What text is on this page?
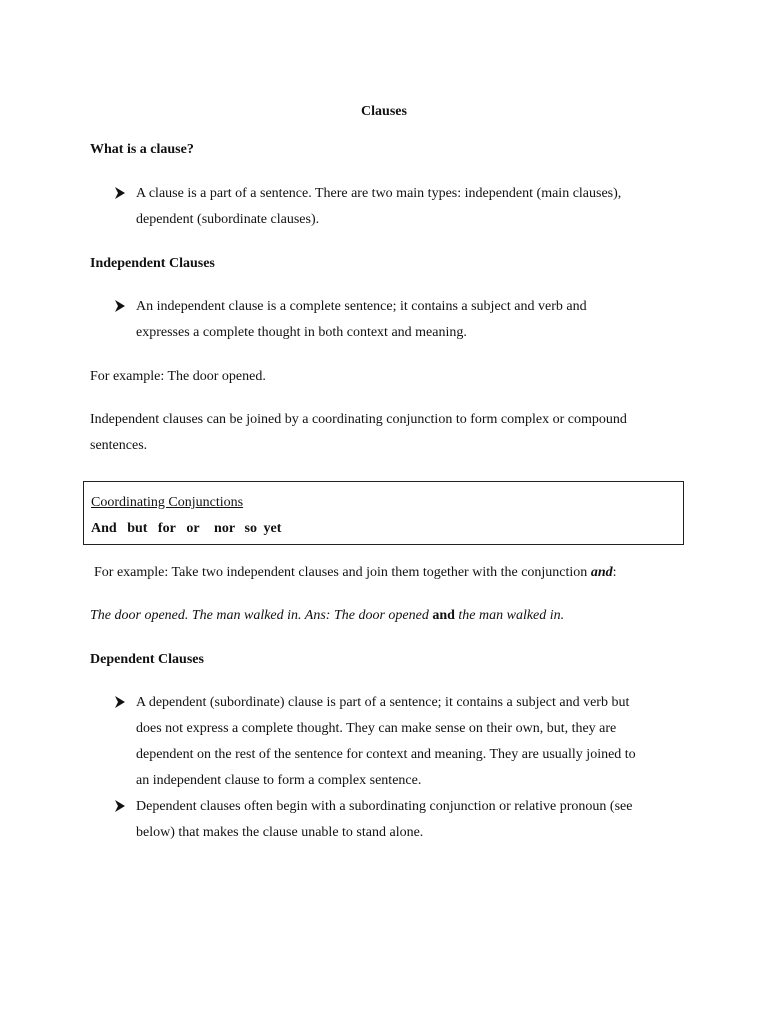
Clauses
What is a clause?
A clause is a part of a sentence. There are two main types: independent (main clauses),
dependent (subordinate clauses).
Independent Clauses
An independent clause is a complete sentence; it contains a subject and verb and
expresses a complete thought in both context and meaning.
For example: The door opened.
Independent clauses can be joined by a coordinating conjunction to form complex or compound
sentences.
Coordinating Conjunctions
And but for or nor so yet
For example: Take two independent clauses and join them together with the conjunction and:
The door opened. The man walked in. Ans: The door opened and the man walked in.
Dependent Clauses
A dependent (subordinate) clause is part of a sentence; it contains a subject and verb but
does not express a complete thought. They can make sense on their own, but, they are
dependent on the rest of the sentence for context and meaning. They are usually joined to
an independent clause to form a complex sentence.
Dependent clauses often begin with a subordinating conjunction or relative pronoun (see
below) that makes the clause unable to stand alone.
